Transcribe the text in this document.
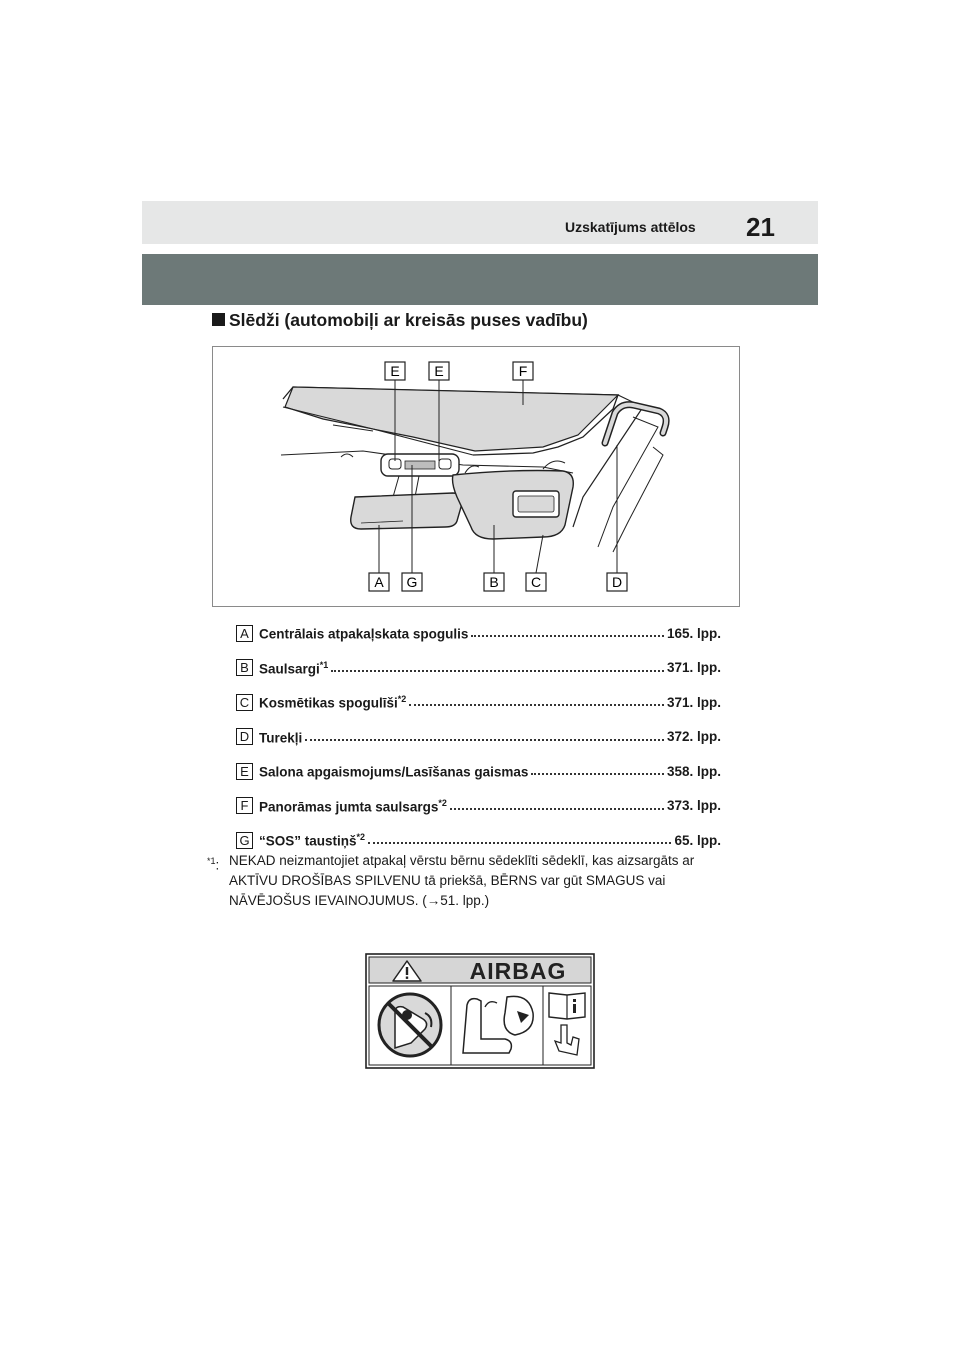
Uzskatījums attēlos 21
Slēdži (automobiļi ar kreisās puses vadību)
E E	F
A G	B C	D
A Centrālais atpakaļskata spogulis	165. lpp.
B Saulsargi$^{*1}$	371. lpp.
C Kosmētikas spogulīši$^{*2}$	371. lpp.
D Turekļi	372. lpp.
E Salona apgaismojums/Lasīšanas gaismas	358. lpp.
F Panorāmas jumta saulsargs$^{*2}$	373. lpp.
G “SOS” taustiņš$^{*2}$	65. lpp.
$^{*1}$: NEKAD neizmantojiet atpakaļ vērstu bērnu sēdeklīti sēdeklī, kas aizsargāts ar AKTĪVU DROŠĪBAS SPILVENU tā priekšā, BĒRNS var gūt SMAGUS vai NĀVĒJOŠUS IEVAINOJUMUS. (→51. lpp.)
AIRBAG
